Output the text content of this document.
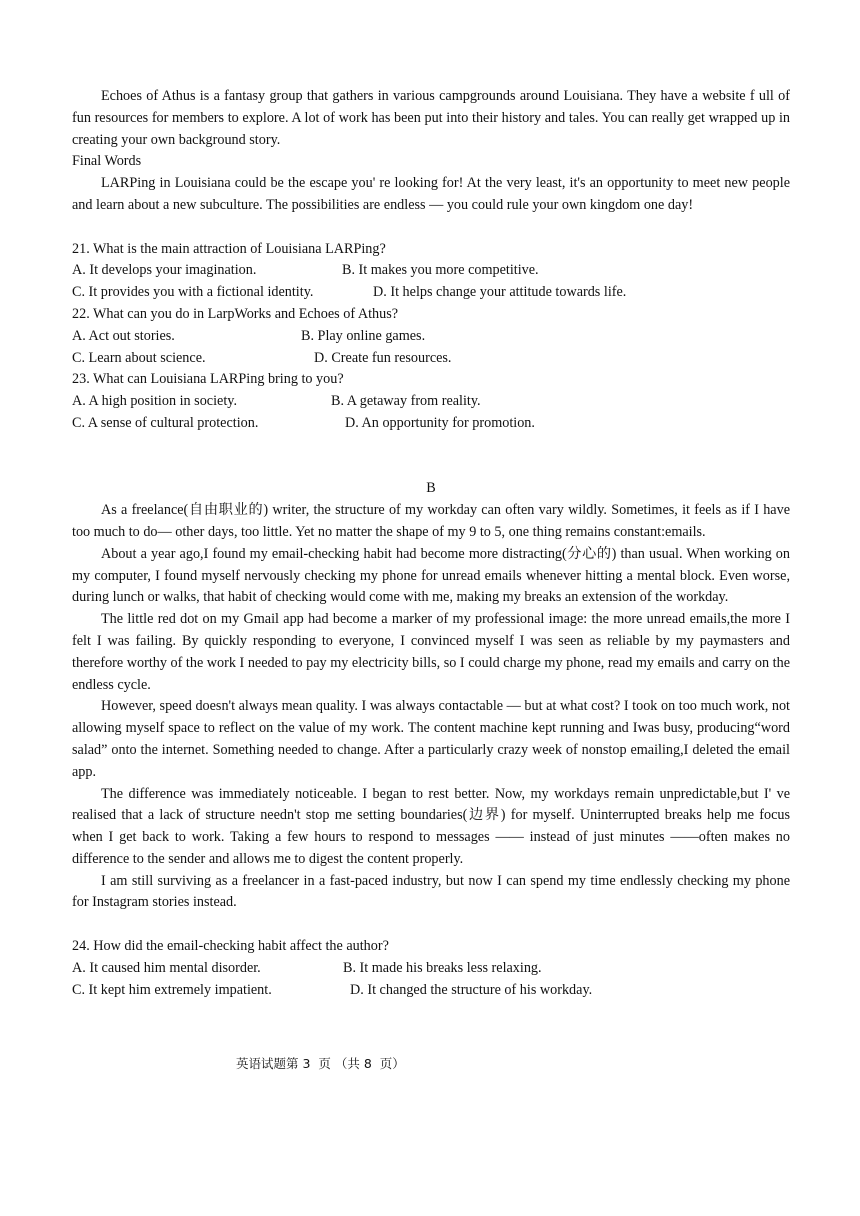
Echoes of Athus is a fantasy group that gathers in various campgrounds around Louisiana. They have a website f ull of fun resources for members to explore. A lot of work has been put into their history and tales. You can really get wrapped up in creating your own background story.

Final Words

LARPing in Louisiana could be the escape you' re looking for! At the very least, it's an opportunity to meet new people and learn about a new subculture. The possibilities are endless — you could rule your own kingdom one day!

21. What is the main attraction of Louisiana LARPing?

A. It develops your imagination.	B. It makes you more competitive.
C. It provides you with a fictional identity.	D. It helps change your attitude towards life.

22. What can you do in LarpWorks and Echoes of Athus?

A. Act out stories.	B. Play online games.
C. Learn about science.	D. Create fun resources.

23. What can Louisiana LARPing bring to you?

A. A high position in society.	B. A getaway from reality.
C. A sense of cultural protection.	D. An opportunity for promotion.

B

As a freelance(自由职业的) writer, the structure of my workday can often vary wildly. Sometimes, it feels as if I have too much to do— other days, too little. Yet no matter the shape of my 9 to 5, one thing remains constant:emails.

About a year ago,I found my email-checking habit had become more distracting(分心的) than usual. When working on my computer, I found myself nervously checking my phone for unread emails whenever hitting a mental block. Even worse, during lunch or walks, that habit of checking would come with me, making my breaks an extension of the workday.

The little red dot on my Gmail app had become a marker of my professional image: the more unread emails,the more I felt I was failing. By quickly responding to everyone, I convinced myself I was seen as reliable by my paymasters and therefore worthy of the work I needed to pay my electricity bills, so I could charge my phone, read my emails and carry on the endless cycle.

However, speed doesn't always mean quality. I was always contactable — but at what cost? I took on too much work, not allowing myself space to reflect on the value of my work. The content machine kept running and Iwas busy, producing“word salad” onto the internet. Something needed to change. After a particularly crazy week of nonstop emailing,I deleted the email app.

The difference was immediately noticeable. I began to rest better. Now, my workdays remain unpredictable,but I' ve realised that a lack of structure needn't stop me setting boundaries(边界) for myself. Uninterrupted breaks help me focus when I get back to work. Taking a few hours to respond to messages —— instead of just minutes ——often makes no difference to the sender and allows me to digest the content properly.

I am still surviving as a freelancer in a fast-paced industry, but now I can spend my time endlessly checking my phone for Instagram stories instead.

24. How did the email-checking habit affect the author?

A. It caused him mental disorder.	B. It made his breaks less relaxing.
C. It kept him extremely impatient.	D. It changed the structure of his workday.
英语试题第 3  页 （共 8  页）
